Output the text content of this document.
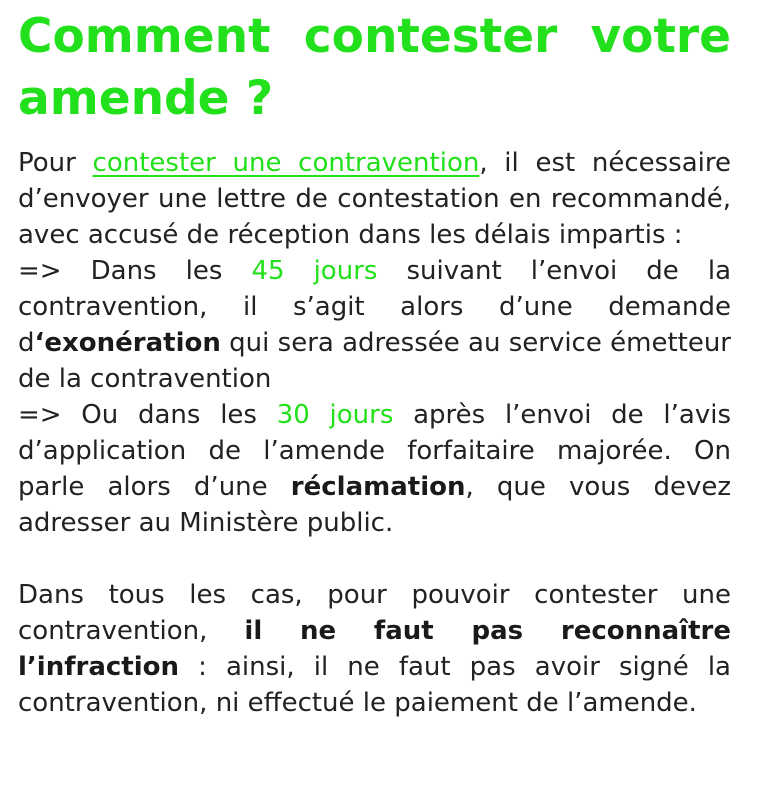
Comment contester votre amende ?

Pour contester une contravention, il est nécessaire d’envoyer une lettre de contestation en recommandé, avec accusé de réception dans les délais impartis :
=> Dans les 45 jours suivant l’envoi de la contravention, il s’agit alors d’une demande d‘exonération qui sera adressée au service émetteur de la contravention
=> Ou dans les 30 jours après l’envoi de l’avis d’application de l’amende forfaitaire majorée. On parle alors d’une réclamation, que vous devez adresser au Ministère public.

Dans tous les cas, pour pouvoir contester une contravention, il ne faut pas reconnaître l’infraction : ainsi, il ne faut pas avoir signé la contravention, ni effectué le paiement de l’amende.
